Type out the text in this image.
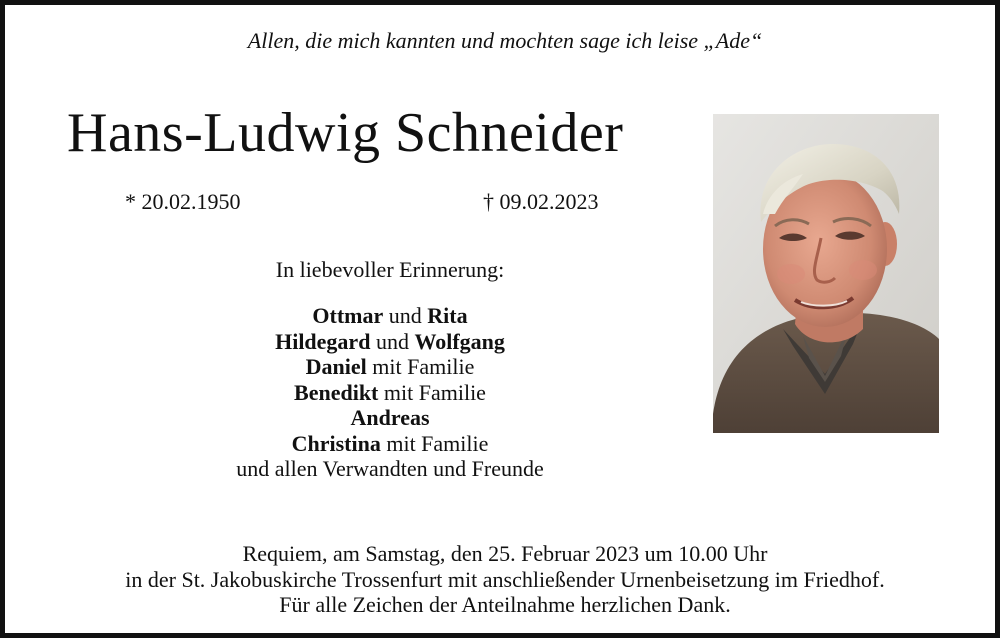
Allen, die mich kannten und mochten sage ich leise „Ade“
Hans-Ludwig Schneider
* 20.02.1950	† 09.02.2023
In liebevoller Erinnerung:
Ottmar und Rita
Hildegard und Wolfgang
Daniel mit Familie
Benedikt mit Familie
Andreas
Christina mit Familie
und allen Verwandten und Freunde
Requiem, am Samstag, den 25. Februar 2023 um 10.00 Uhr
in der St. Jakobuskirche Trossenfurt mit anschließender Urnenbeisetzung im Friedhof.
Für alle Zeichen der Anteilnahme herzlichen Dank.
